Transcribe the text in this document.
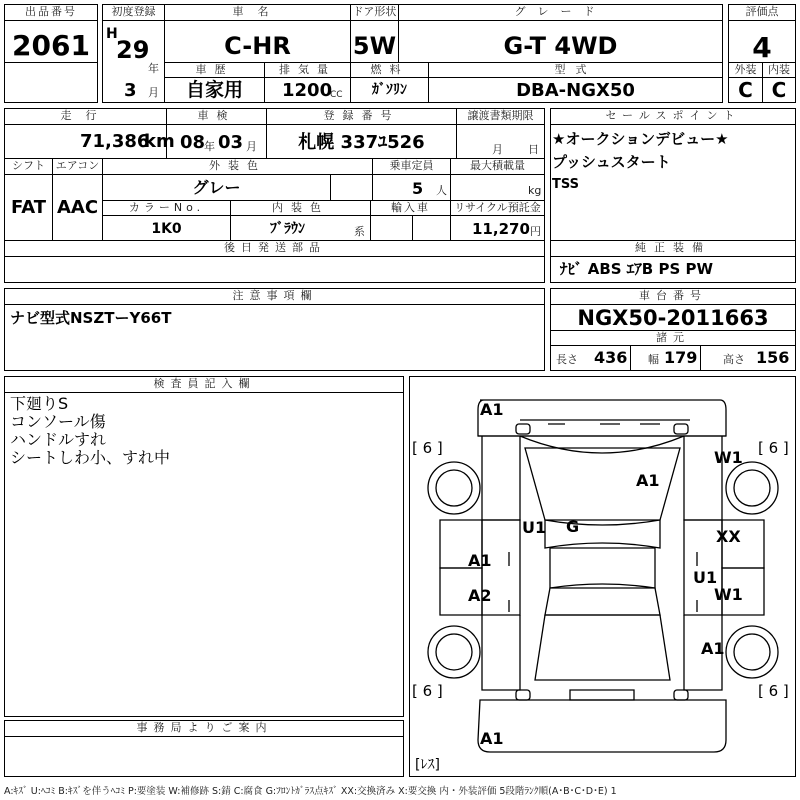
出品番号
2061
初度登録
H
29
年
3 月
車名
C-HR
ドア形状
5W
グレード
G-T 4WD
評価点
4
車歴
自家用
排気量
1200
CC
燃料
ｶﾞｿﾘﾝ
型式
DBA-NGX50
外装	内装
C C
走行
71,386
km
車検
08
年 03 月
登録番号
札幌 337ﾕ526
譲渡書類期限
月 日
シフト
FAT
エアコン
AAC
外装色
グレー
乗車定員
5 人
最大積載量
kg
カラーNo.
1K0
内装色
ﾌﾞﾗｳﾝ	系
輸入車	リサイクル預託金
11,270 円
後日発送部品
セールスポイント
★オークションデビュー★
プッシュスタート
TSS
純正装備
ﾅﾋﾞ ABS ｴｱB PS PW
注意事項欄
ナビ型式NSZTーY66T
車台番号
NGX50-2011663
諸元
長さ 436 幅 179 高さ 156
検査員記入欄
下廻りS
コンソール傷
ハンドルすれ
シートしわ小、すれ中
事務局よりご案内
[ 6 ]	[ 6 ]
[ 6 ]	[ 6 ]
A1
W1
A1
U1 G
A1
XX
U1
A2	W1
A1
A1
[ﾚｽ]
A:ｷｽﾞ U:ﾍｺﾐ B:ｷｽﾞを伴うﾍｺﾐ P:要塗装 W:補修跡 S:錆 C:腐食 G:ﾌﾛﾝﾄｶﾞﾗｽ点ｷｽﾞ XX:交換済み X:要交換 内・外装評価 5段階ﾗﾝｸ順(A･B･C･D･E) 1
